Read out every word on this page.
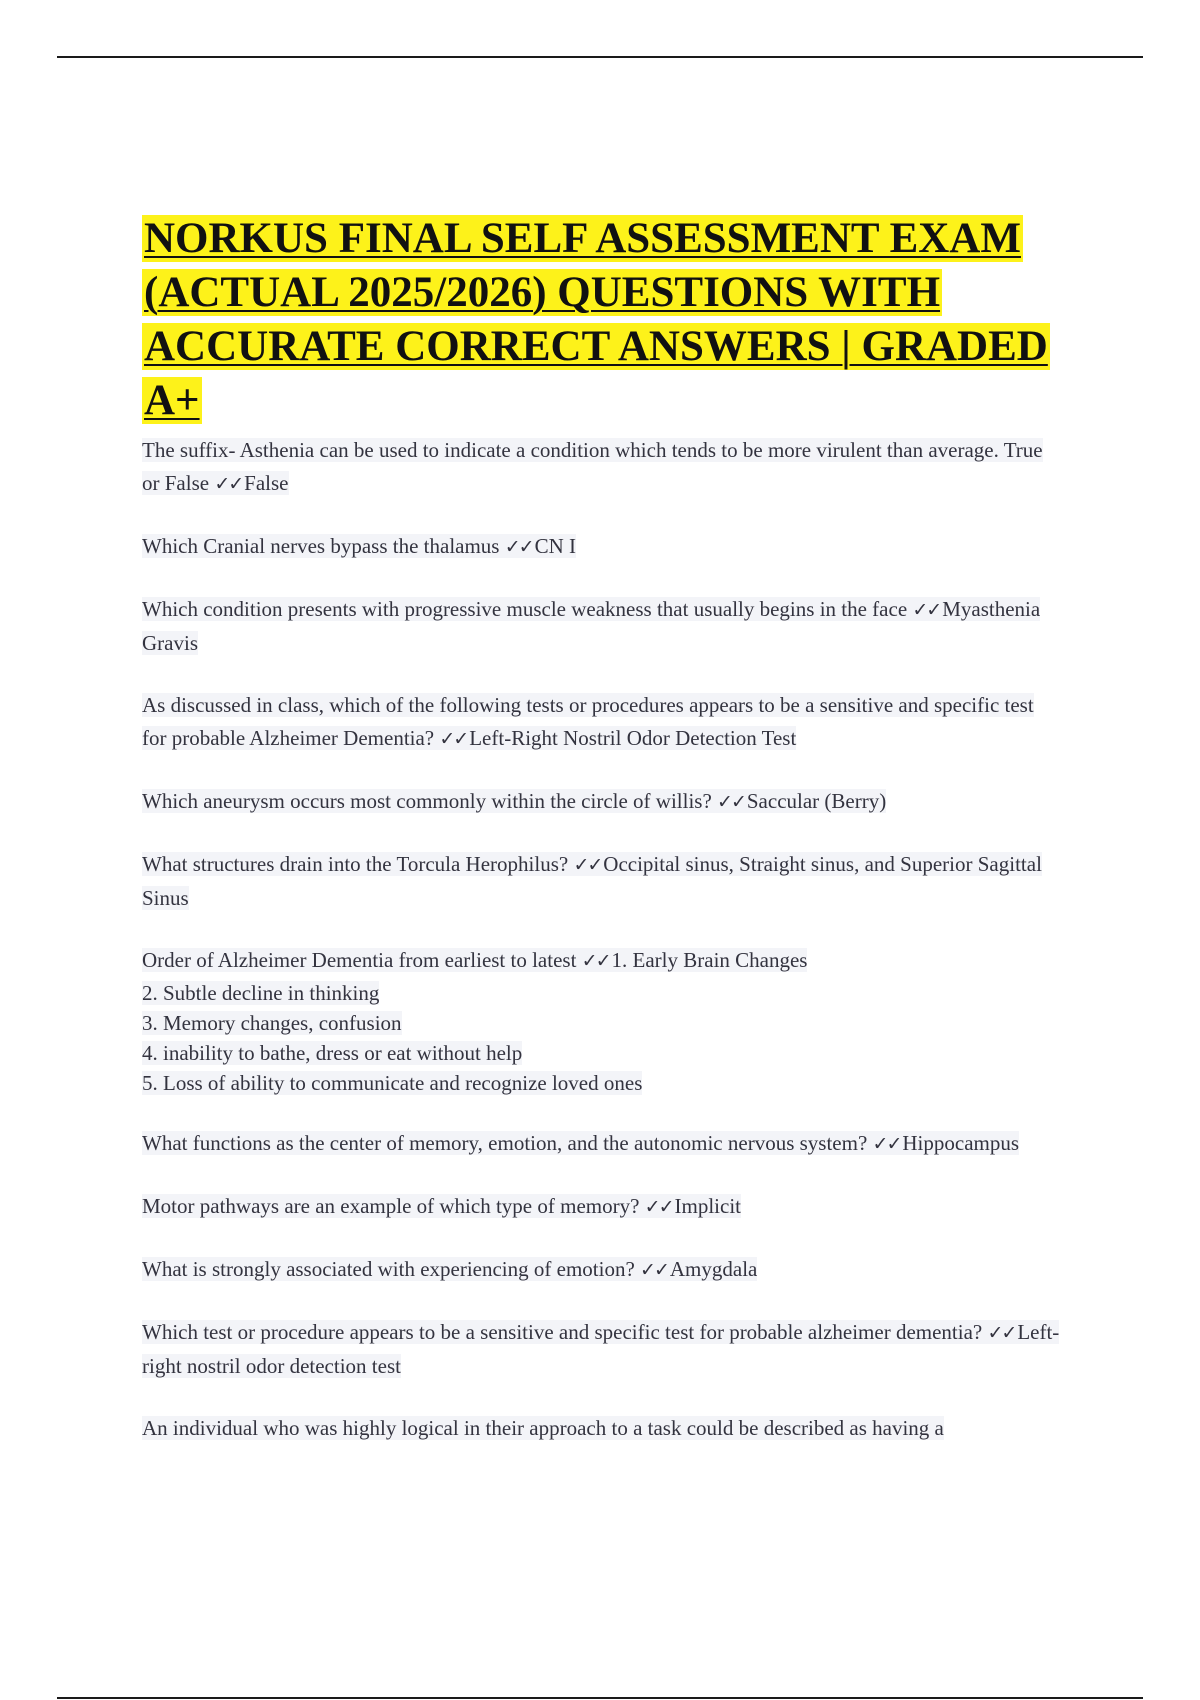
NORKUS FINAL SELF ASSESSMENT EXAM (ACTUAL 2025/2026) QUESTIONS WITH ACCURATE CORRECT ANSWERS | GRADED A+

The suffix- Asthenia can be used to indicate a condition which tends to be more virulent than average. True or False ✓✓False

Which Cranial nerves bypass the thalamus ✓✓CN I

Which condition presents with progressive muscle weakness that usually begins in the face ✓✓Myasthenia Gravis

As discussed in class, which of the following tests or procedures appears to be a sensitive and specific test for probable Alzheimer Dementia? ✓✓Left-Right Nostril Odor Detection Test

Which aneurysm occurs most commonly within the circle of willis? ✓✓Saccular (Berry)

What structures drain into the Torcula Herophilus? ✓✓Occipital sinus, Straight sinus, and Superior Sagittal Sinus

Order of Alzheimer Dementia from earliest to latest ✓✓1. Early Brain Changes
2. Subtle decline in thinking
3. Memory changes, confusion
4. inability to bathe, dress or eat without help
5. Loss of ability to communicate and recognize loved ones

What functions as the center of memory, emotion, and the autonomic nervous system? ✓✓Hippocampus

Motor pathways are an example of which type of memory? ✓✓Implicit

What is strongly associated with experiencing of emotion? ✓✓Amygdala

Which test or procedure appears to be a sensitive and specific test for probable alzheimer dementia? ✓✓Left-right nostril odor detection test

An individual who was highly logical in their approach to a task could be described as having a
